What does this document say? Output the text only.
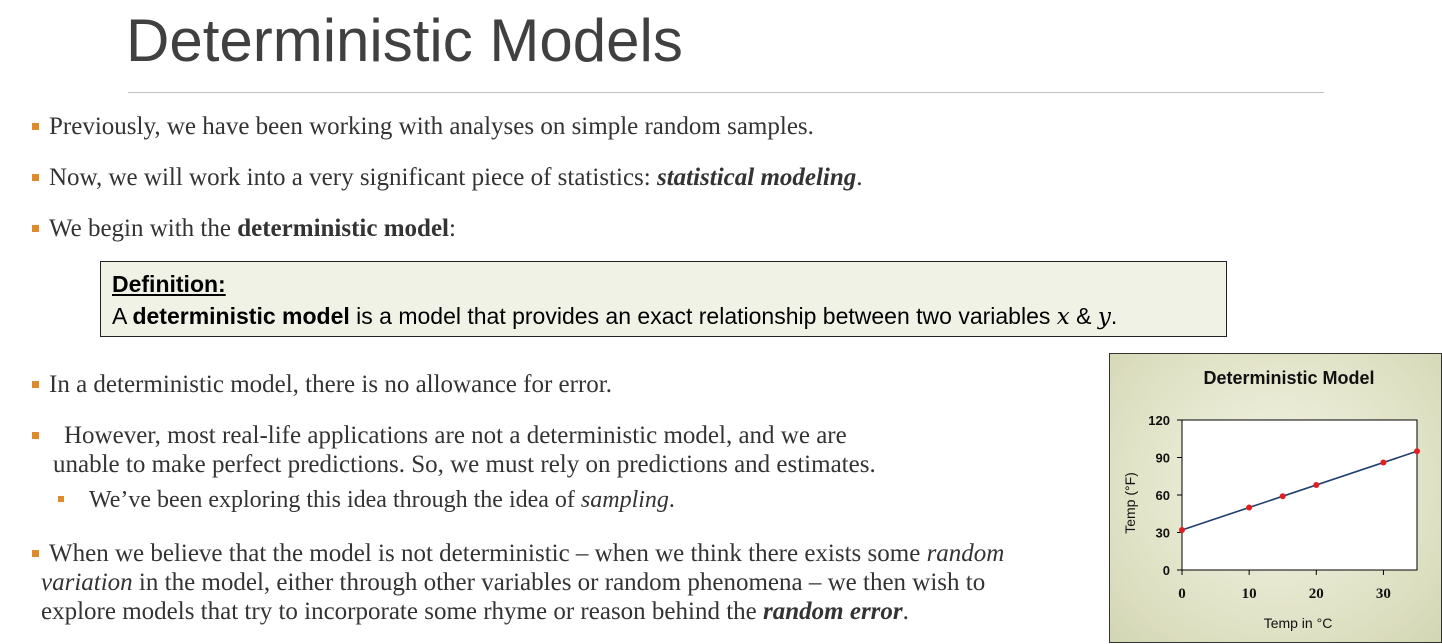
Deterministic Models
Previously, we have been working with analyses on simple random samples.
Now, we will work into a very significant piece of statistics: statistical modeling.
We begin with the deterministic model:
Definition:
A deterministic model is a model that provides an exact relationship between two variables x & y.
In a deterministic model, there is no allowance for error.
However, most real-life applications are not a deterministic model, and we are
unable to make perfect predictions. So, we must rely on predictions and estimates.
We’ve been exploring this idea through the idea of sampling.
When we believe that the model is not deterministic – when we think there exists some random
variation in the model, either through other variables or random phenomena – we then wish to
explore models that try to incorporate some rhyme or reason behind the random error.
Deterministic Model
0
30
60
90
120
0	10	20	30
Temp in °C
Temp (°F)
